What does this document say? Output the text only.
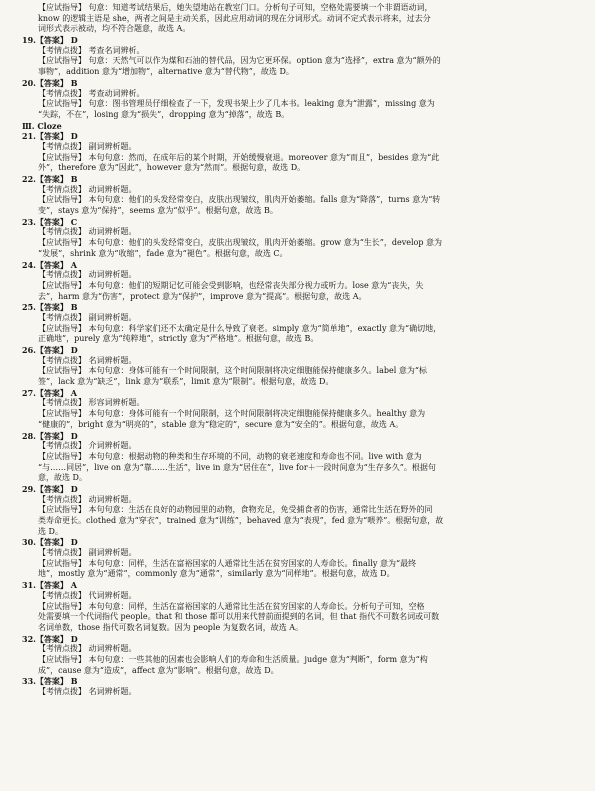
【应试指导】 句意：知道考试结果后，她失望地站在教室门口。分析句子可知，空格处需要填一个非谓语动词，
know 的逻辑主语是 she，两者之间是主动关系，因此应用动词的现在分词形式。动词不定式表示将来，过去分
词形式表示被动，均不符合题意，故选 A。
19.【答案】 D
【考情点拨】 考查名词辨析。
【应试指导】 句意：天然气可以作为煤和石油的替代品，因为它更环保。option 意为“选择”，extra 意为“额外的
事物”，addition 意为“增加物”，alternative 意为“替代物”，故选 D。
20.【答案】 B
【考情点拨】 考查动词辨析。
【应试指导】 句意：图书管理员仔细检查了一下，发现书架上少了几本书。leaking 意为“泄露”，missing 意为
“失踪，不在”，losing 意为“损失”，dropping 意为“掉落”，故选 B。
Ⅲ. Cloze
21.【答案】 D
【考情点拨】 副词辨析题。
【应试指导】 本句句意：然而，在成年后的某个时期，开始缓慢衰退。moreover 意为“而且”，besides 意为“此
外”，therefore 意为“因此”，however 意为“然而”。根据句意，故选 D。
22.【答案】 B
【考情点拨】 动词辨析题。
【应试指导】 本句句意：他们的头发经常变白，皮肤出现皱纹，肌肉开始萎缩。falls 意为“降落”，turns 意为“转
变”，stays 意为“保持”，seems 意为“似乎”。根据句意，故选 B。
23.【答案】 C
【考情点拨】 动词辨析题。
【应试指导】 本句句意：他们的头发经常变白，皮肤出现皱纹，肌肉开始萎缩。grow 意为“生长”，develop 意为
“发展”，shrink 意为“收缩”，fade 意为“褪色”。根据句意，故选 C。
24.【答案】 A
【考情点拨】 动词辨析题。
【应试指导】 本句句意：他们的短期记忆可能会受到影响，也经常丧失部分视力或听力。lose 意为“丧失，失
去”，harm 意为“伤害”，protect 意为“保护”，improve 意为“提高”。根据句意，故选 A。
25.【答案】 B
【考情点拨】 副词辨析题。
【应试指导】 本句句意：科学家们还不太确定是什么导致了衰老。simply 意为“简单地”，exactly 意为“确切地，
正确地”，purely 意为“纯粹地”，strictly 意为“严格地”。根据句意，故选 B。
26.【答案】 D
【考情点拨】 名词辨析题。
【应试指导】 本句句意：身体可能有一个时间限制，这个时间限制将决定细胞能保持健康多久。label 意为“标
签”，lack 意为“缺乏”，link 意为“联系”，limit 意为“限制”。根据句意，故选 D。
27.【答案】 A
【考情点拨】 形容词辨析题。
【应试指导】 本句句意：身体可能有一个时间限制，这个时间限制将决定细胞能保持健康多久。healthy 意为
“健康的”，bright 意为“明亮的”，stable 意为“稳定的”，secure 意为“安全的”。根据句意，故选 A。
28.【答案】 D
【考情点拨】 介词辨析题。
【应试指导】 本句句意：根据动物的种类和生存环境的不同，动物的衰老速度和寿命也不同。live with 意为
“与……同居”，live on 意为“靠……生活”，live in 意为“居住在”，live for＋一段时间意为“生存多久”。根据句
意，故选 D。
29.【答案】 D
【考情点拨】 动词辨析题。
【应试指导】 本句句意：生活在良好的动物园里的动物，食物充足，免受捕食者的伤害，通常比生活在野外的同
类寿命更长。clothed 意为“穿衣”，trained 意为“训练”，behaved 意为“表现”，fed 意为“喂养”。根据句意，故
选 D。
30.【答案】 D
【考情点拨】 副词辨析题。
【应试指导】 本句句意：同样，生活在富裕国家的人通常比生活在贫穷国家的人寿命长。finally 意为“最终
地”，mostly 意为“通常”，commonly 意为“通常”，similarly 意为“同样地”。根据句意，故选 D。
31.【答案】 A
【考情点拨】 代词辨析题。
【应试指导】 本句句意：同样，生活在富裕国家的人通常比生活在贫穷国家的人寿命长。分析句子可知，空格
处需要填一个代词指代 people。that 和 those 都可以用来代替前面提到的名词，但 that 指代不可数名词或可数
名词单数，those 指代可数名词复数。因为 people 为复数名词，故选 A。
32.【答案】 D
【考情点拨】 动词辨析题。
【应试指导】 本句句意：一些其他的因素也会影响人们的寿命和生活质量。judge 意为“判断”，form 意为“构
成”，cause 意为“造成”，affect 意为“影响”。根据句意，故选 D。
33.【答案】 B
【考情点拨】 名词辨析题。
